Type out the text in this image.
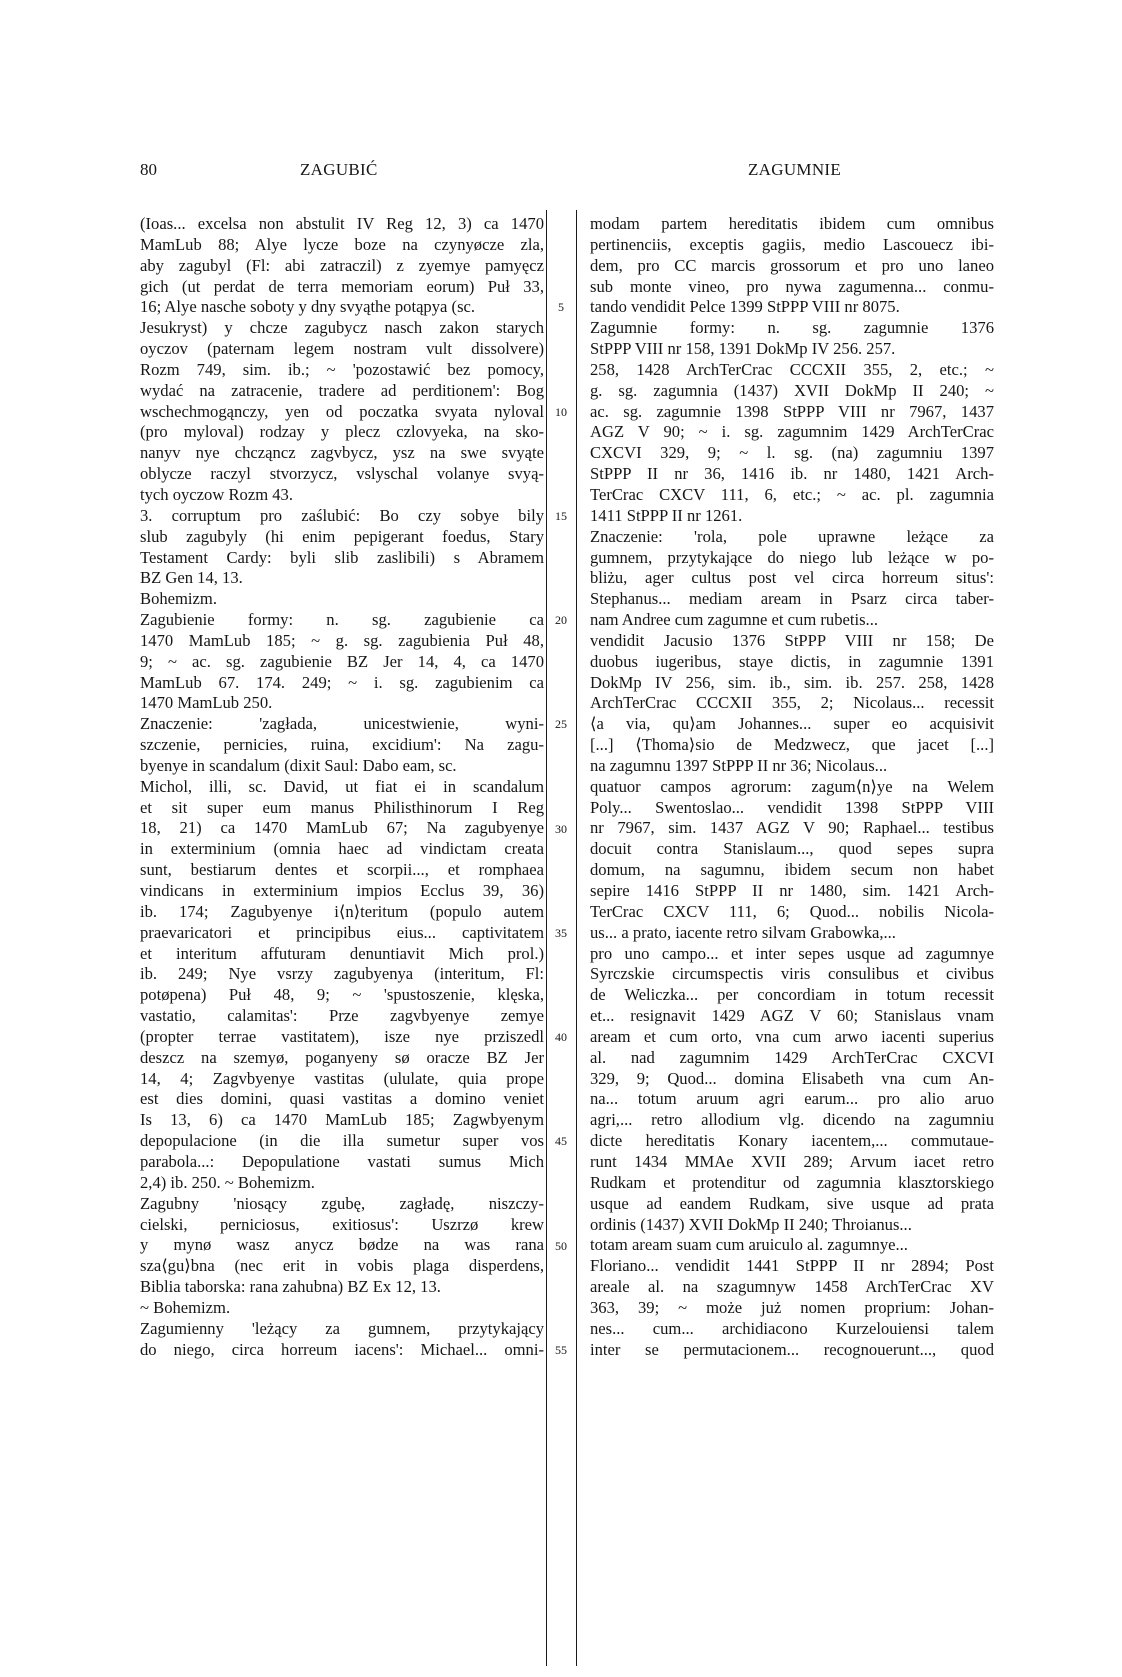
80	ZAGUBIĆ	ZAGUMNIE
(Ioas... excelsa non abstulit IV Reg 12, 3) ca 1470
MamLub 88; Alye lycze boze na czynyøcze zla,
aby zagubyl (Fl: abi zatraczil) z zyemye pamyęcz
gich (ut perdat de terra memoriam eorum) Puł 33,
16; Alye nasche soboty y dny svyąthe potąpya (sc.
Jesukryst) y chcze zagubycz nasch zakon starych
oyczov (paternam legem nostram vult dissolvere)
Rozm 749, sim. ib.; ~ 'pozostawić bez pomocy,
wydać na zatracenie, tradere ad perditionem': Bog
wschechmogąnczy, yen od poczatka svyata nyloval
(pro myloval) rodzay y plecz czlovyeka, na sko-
nanyv nye chcząncz zagvbycz, ysz na swe svyąte
oblycze raczyl stvorzycz, vslyschal volanye svyą-
tych oyczow Rozm 43.
3. corruptum pro zaślubić: Bo czy sobye bily
slub zagubyly (hi enim pepigerant foedus, Stary
Testament Cardy: byli slib zaslibili) s Abramem
BZ Gen 14, 13.
Bohemizm.
Zagubienie formy: n. sg. zagubienie ca
1470 MamLub 185; ~ g. sg. zagubienia Puł 48,
9; ~ ac. sg. zagubienie BZ Jer 14, 4, ca 1470
MamLub 67. 174. 249; ~ i. sg. zagubienim ca
1470 MamLub 250.
Znaczenie: 'zagłada, unicestwienie, wyni-
szczenie, pernicies, ruina, excidium': Na zagu-
byenye in scandalum (dixit Saul: Dabo eam, sc.
Michol, illi, sc. David, ut fiat ei in scandalum
et sit super eum manus Philisthinorum I Reg
18, 21) ca 1470 MamLub 67; Na zagubyenye
in exterminium (omnia haec ad vindictam creata
sunt, bestiarum dentes et scorpii..., et romphaea
vindicans in exterminium impios Ecclus 39, 36)
ib. 174; Zagubyenye i⟨n⟩teritum (populo autem
praevaricatori et principibus eius... captivitatem
et interitum affuturam denuntiavit Mich prol.)
ib. 249; Nye vsrzy zagubyenya (interitum, Fl:
potøpena) Puł 48, 9; ~ 'spustoszenie, klęska,
vastatio, calamitas': Prze zagvbyenye zemye
(propter terrae vastitatem), isze nye prziszedl
deszcz na szemyø, poganyeny sø oracze BZ Jer
14, 4; Zagvbyenye vastitas (ululate, quia prope
est dies domini, quasi vastitas a domino veniet
Is 13, 6) ca 1470 MamLub 185; Zagwbyenym
depopulacione (in die illa sumetur super vos
parabola...: Depopulatione vastati sumus Mich
2,4) ib. 250. ~ Bohemizm.
Zagubny 'niosący zgubę, zagładę, niszczy-
cielski, perniciosus, exitiosus': Uszrzø krew
y mynø wasz anycz bødze na was rana
sza⟨gu⟩bna (nec erit in vobis plaga disperdens,
Biblia taborska: rana zahubna) BZ Ex 12, 13.
~ Bohemizm.
Zagumienny 'leżący za gumnem, przytykający
do niego, circa horreum iacens': Michael... omni-
5
10
15
20
25
30
35
40
45
50
55
modam partem hereditatis ibidem cum omnibus
pertinenciis, exceptis gagiis, medio Lascouecz ibi-
dem, pro CC marcis grossorum et pro uno laneo
sub monte vineo, pro nywa zagumenna... conmu-
tando vendidit Pelce 1399 StPPP VIII nr 8075.
Zagumnie formy: n. sg. zagumnie 1376
StPPP VIII nr 158, 1391 DokMp IV 256. 257.
258, 1428 ArchTerCrac CCCXII 355, 2, etc.; ~
g. sg. zagumnia (1437) XVII DokMp II 240; ~
ac. sg. zagumnie 1398 StPPP VIII nr 7967, 1437
AGZ V 90; ~ i. sg. zagumnim 1429 ArchTerCrac
CXCVI 329, 9; ~ l. sg. (na) zagumniu 1397
StPPP II nr 36, 1416 ib. nr 1480, 1421 Arch-
TerCrac CXCV 111, 6, etc.; ~ ac. pl. zagumnia
1411 StPPP II nr 1261.
Znaczenie: 'rola, pole uprawne leżące za
gumnem, przytykające do niego lub leżące w po-
bliżu, ager cultus post vel circa horreum situs':
Stephanus... mediam aream in Psarz circa taber-
nam Andree cum zagumne et cum rubetis...
vendidit Jacusio 1376 StPPP VIII nr 158; De
duobus iugeribus, staye dictis, in zagumnie 1391
DokMp IV 256, sim. ib., sim. ib. 257. 258, 1428
ArchTerCrac CCCXII 355, 2; Nicolaus... recessit
⟨a via, qu⟩am Johannes... super eo acquisivit
[...] ⟨Thoma⟩sio de Medzwecz, que jacet [...]
na zagumnu 1397 StPPP II nr 36; Nicolaus...
quatuor campos agrorum: zagum⟨n⟩ye na Welem
Poly... Swentoslao... vendidit 1398 StPPP VIII
nr 7967, sim. 1437 AGZ V 90; Raphael... testibus
docuit contra Stanislaum..., quod sepes supra
domum, na sagumnu, ibidem secum non habet
sepire 1416 StPPP II nr 1480, sim. 1421 Arch-
TerCrac CXCV 111, 6; Quod... nobilis Nicola-
us... a prato, iacente retro silvam Grabowka,...
pro uno campo... et inter sepes usque ad zagumnye
Syrczskie circumspectis viris consulibus et civibus
de Weliczka... per concordiam in totum recessit
et... resignavit 1429 AGZ V 60; Stanislaus vnam
aream et cum orto, vna cum arwo iacenti superius
al. nad zagumnim 1429 ArchTerCrac CXCVI
329, 9; Quod... domina Elisabeth vna cum An-
na... totum aruum agri earum... pro alio aruo
agri,... retro allodium vlg. dicendo na zagumniu
dicte hereditatis Konary iacentem,... commutaue-
runt 1434 MMAe XVII 289; Arvum iacet retro
Rudkam et protenditur od zagumnia klasztorskiego
usque ad eandem Rudkam, sive usque ad prata
ordinis (1437) XVII DokMp II 240; Throianus...
totam aream suam cum aruiculo al. zagumnye...
Floriano... vendidit 1441 StPPP II nr 2894; Post
areale al. na szagumnyw 1458 ArchTerCrac XV
363, 39; ~ może już nomen proprium: Johan-
nes... cum... archidiacono Kurzelouiensi talem
inter se permutacionem... recognouerunt..., quod
